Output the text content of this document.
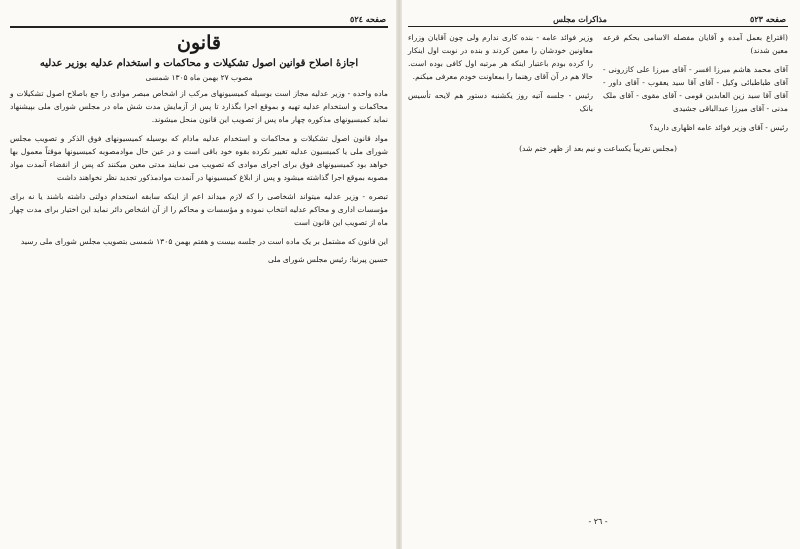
صفحه ٥٢٤
قانون
اجازهٔ اصلاح قوانین اصول تشکیلات و محاکمات و استخدام عدلیه بوزیر عدلیه
مصوب ۲۷ بهمن ماه ۱۳۰۵ شمسی

ماده واحده - وزیر عدلیه مجاز است بوسیله کمیسیونهای مرکب از اشخاص مبصر موادی را جع باصلاح اصول تشکیلات و محاکمات و استخدام عدلیه تهیه و بموقع اجرا بگذارد تا پس از آزمایش مدت شش ماه در مجلس شورای ملی بپیشنهاد نماید کمیسیونهای مذکوره چهار ماه پس از تصویب این قانون منحل میشوند.

مواد قانون اصول تشکیلات و محاکمات و استخدام عدلیه مادام که بوسیله کمیسیونهای فوق الذکر و تصویب مجلس شورای ملی یا کمیسیون عدلیه تغییر نکرده بقوه خود باقی است و در عین حال موادمصوبه کمیسیونها موقتاً معمول بها خواهد بود کمیسیونهای فوق برای اجرای موادی که تصویب می نمایند مدتی معین میکنند که پس از انقضاء آنمدت مواد مصوبه بموقع اجرا گذاشته میشود و پس از ابلاغ کمیسیونها در آنمدت موادمذکور تجدید نظر نخواهند داشت

تبصره - وزیر عدلیه میتواند اشخاصی را که لازم میداند اعم از اینکه سابقه استخدام دولتی داشته باشند یا نه برای مؤسسات اداری و محاکم عدلیه انتخاب نموده و مؤسسات و محاکم را از آن اشخاص دائر نماید این اختیار برای مدت چهار ماه از تصویب این قانون است

این قانون که مشتمل بر یک ماده است در جلسه بیست و هفتم بهمن ۱۳۰۵ شمسی بتصویب مجلس شورای ملی رسید

حسین پیرنیا: رئیس مجلس شورای ملی
صفحه ٥٢٣
مذاکرات مجلس

(اقتراع بعمل آمده و آقایان مفصله الاسامی بحکم قرعه معین شدند)

آقای محمد هاشم میرزا افسر - آقای میرزا علی کازرونی - آقای طباطبائی وکیل - آقای آقا سید یعقوب - آقای داور - آقای آقا سید زین العابدین قومی - آقای مقوی - آقای ملک مدنی - آقای میرزا عبدالباقی جشیدی

رئیس - آقای وزیر فوائد عامه اظهاری دارید؟

وزیر فوائد عامه - بنده کاری ندارم ولی چون آقایان وزراء معاونین خودشان را معین کردند و بنده در نوبت اول اینکار را کرده بودم باعتبار اینکه هر مرتبه اول کافی بوده است. حالا هم در آن آقای رهنما را بمعاونت خودم معرفی میکنم.

رئیس - جلسه آتیه روز یکشنبه دستور هم لایحه تأسیس بانک

(مجلس تقریباً یکساعت و نیم بعد از ظهر ختم شد)
- ٢٦ -
